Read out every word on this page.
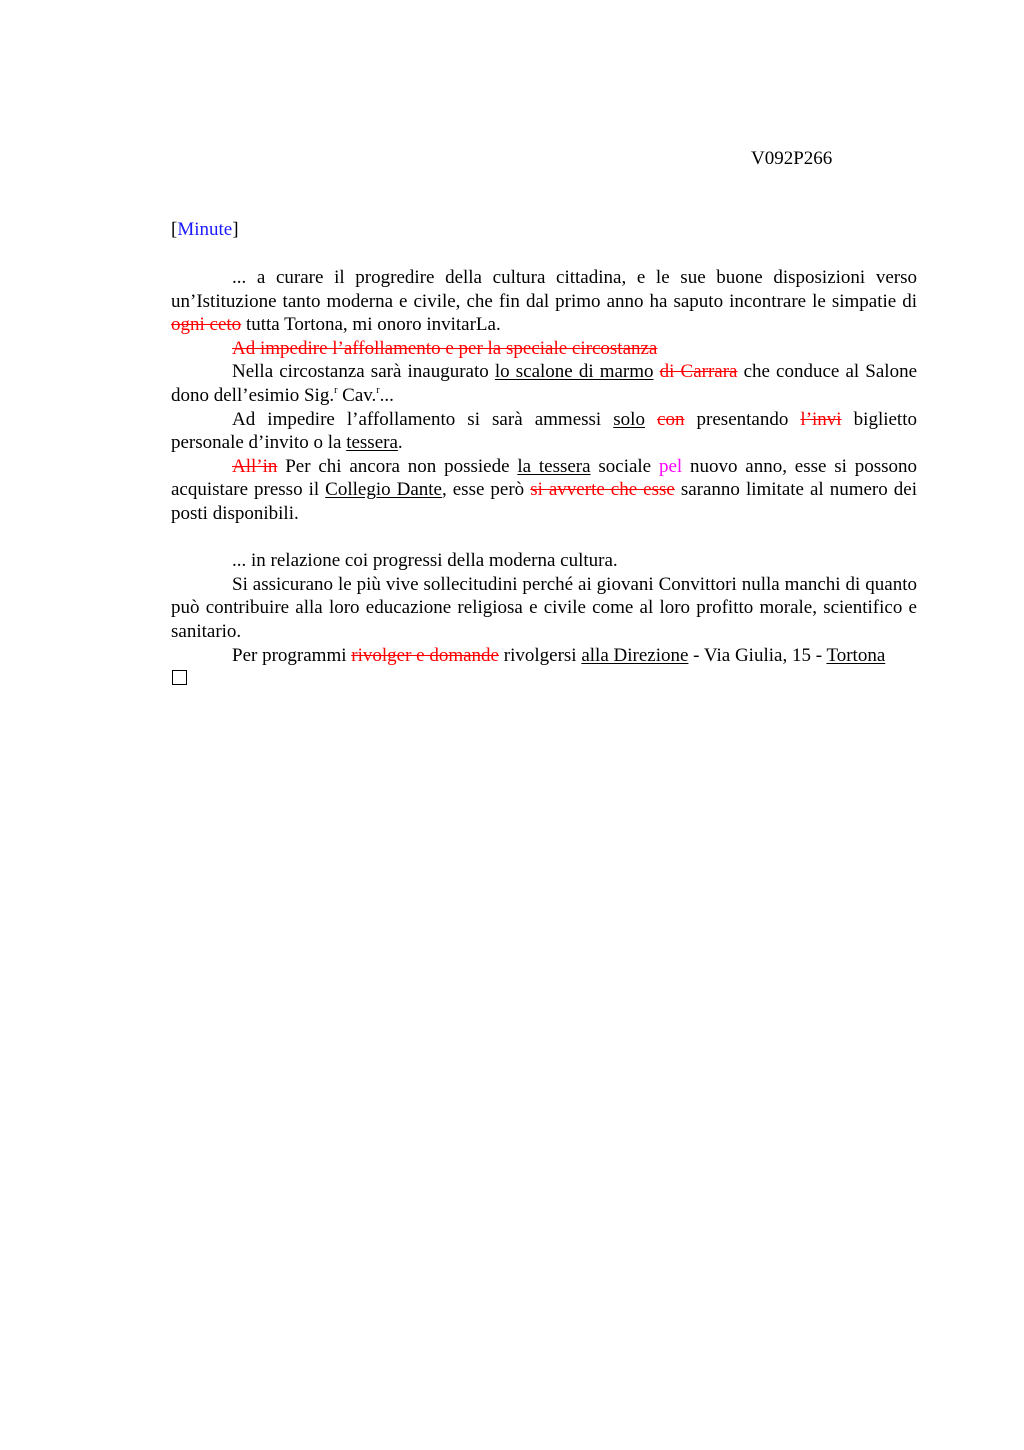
V092P266
[Minute]

... a curare il progredire della cultura cittadina, e le sue buone disposizioni verso un’Istituzione tanto moderna e civile, che fin dal primo anno ha saputo incontrare le simpatie di ogni ceto tutta Tortona, mi onoro invitarLa.

Ad impedire l’affollamento e per la speciale circostanza

Nella circostanza sarà inaugurato lo scalone di marmo di Carrara che conduce al Salone dono dell’esimio Sig.$^r$ Cav.$^r$...

Ad impedire l’affollamento si sarà ammessi solo con presentando l’invi biglietto personale d’invito o la tessera.

All’in Per chi ancora non possiede la tessera sociale pel nuovo anno, esse si possono acquistare presso il Collegio Dante, esse però si avverte che esse saranno limitate al numero dei posti disponibili.

... in relazione coi progressi della moderna cultura.

Si assicurano le più vive sollecitudini perché ai giovani Convittori nulla manchi di quanto può contribuire alla loro educazione religiosa e civile come al loro profitto morale, scientifico e sanitario.

Per programmi rivolger e domande rivolgersi alla Direzione - Via Giulia, 15 - Tortona
